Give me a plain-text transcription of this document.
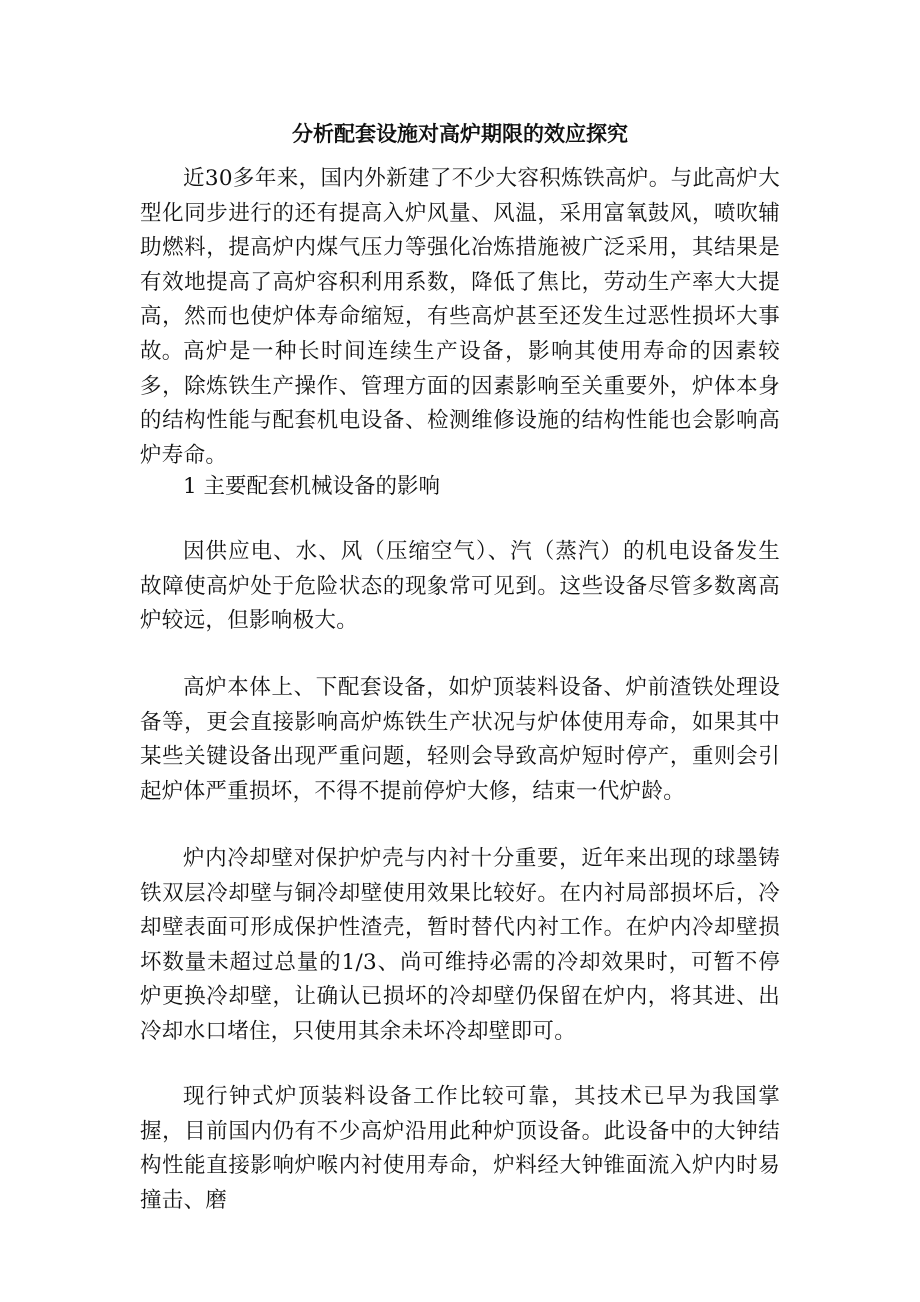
分析配套设施对高炉期限的效应探究

近30多年来，国内外新建了不少大容积炼铁高炉。与此高炉大型化同步进行的还有提高入炉风量、风温，采用富氧鼓风，喷吹辅助燃料，提高炉内煤气压力等强化冶炼措施被广泛采用，其结果是有效地提高了高炉容积利用系数，降低了焦比，劳动生产率大大提高，然而也使炉体寿命缩短，有些高炉甚至还发生过恶性损坏大事故。 高炉是一种长时间连续生产设备，影响其使用寿命的因素较多，除炼铁生产操作、管理方面的因素影响至关重要外，炉体本身的结构性能与配套机电设备、检测维修设施的结构性能也会影响高炉寿命。

1 主要配套机械设备的影响

因供应电、水、风（压缩空气）、汽（蒸汽）的机电设备发生故障使高炉处于危险状态的现象常可见到。这些设备尽管多数离高炉较远，但影响极大。

高炉本体上、下配套设备，如炉顶装料设备、炉前渣铁处理设备等，更会直接影响高炉炼铁生产状况与炉体使用寿命，如果其中某些关键设备出现严重问题，轻则会导致高炉短时停产，重则会引起炉体严重损坏，不得不提前停炉大修，结束一代炉龄。

炉内冷却壁对保护炉壳与内衬十分重要，近年来出现的球墨铸铁双层冷却壁与铜冷却壁使用效果比较好。在内衬局部损坏后，冷却壁表面可形成保护性渣壳，暂时替代内衬工作。在炉内冷却壁损坏数量未超过总量的1/3、尚可维持必需的冷却效果时，可暂不停炉更换冷却壁，让确认已损坏的冷却壁仍保留在炉内，将其进、出冷却水口堵住，只使用其余未坏冷却壁即可。

现行钟式炉顶装料设备工作比较可靠，其技术已早为我国掌握，目前国内仍有不少高炉沿用此种炉顶设备。此设备中的大钟结构性能直接影响炉喉内衬使用寿命，炉料经大钟锥面流入炉内时易撞击、磨
